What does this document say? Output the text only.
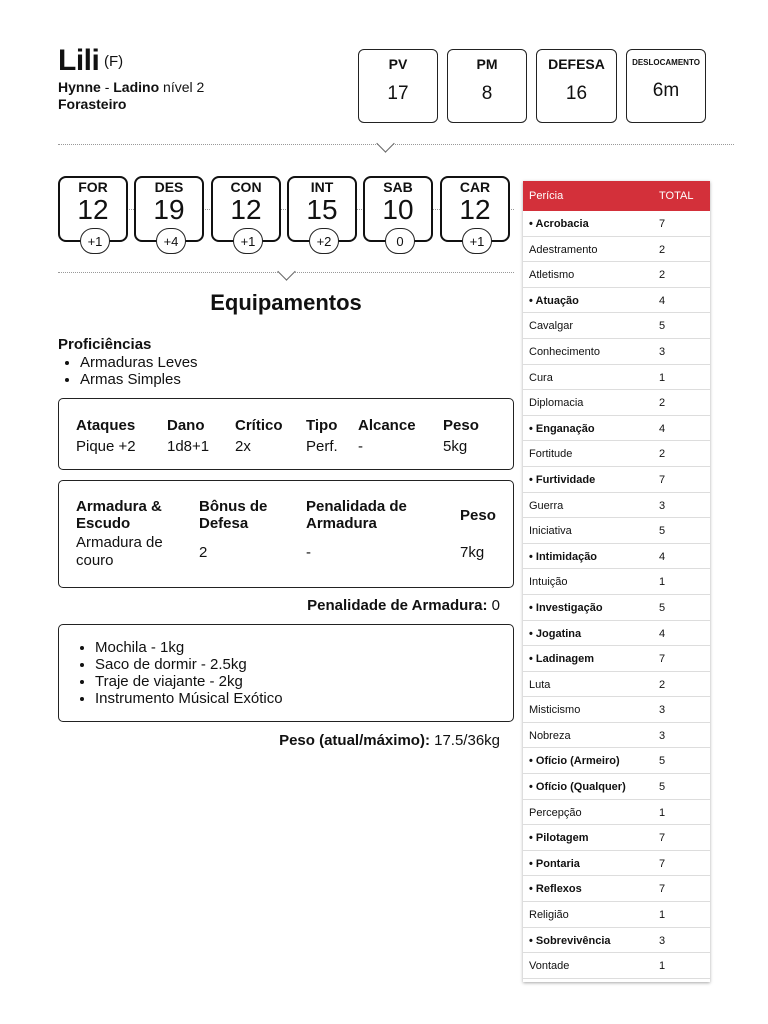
Lili (F)
Hynne - Ladino nível 2
Forasteiro
PV
17
PM
8
DEFESA
16
DESLOCAMENTO
6m
FOR
12
DES
19
CON
12
INT
15
SAB
10
CAR
12
+1	+4	+1	+2	0	+1
Equipamentos
Proficiências
• Armaduras Leves
• Armas Simples
Ataques	Dano	Crítico	Tipo	Alcance	Peso
Pique +2	1d8+1	2x	Perf.	-	5kg
Armadura & Escudo	Bônus de Defesa	Penalidada de Armadura	Peso
Armadura de couro	2	-	7kg
Penalidade de Armadura: 0
• Mochila - 1kg
• Saco de dormir - 2.5kg
• Traje de viajante - 2kg
• Instrumento Músical Exótico
Peso (atual/máximo): 17.5/36kg
Perícia	TOTAL
• Acrobacia	7
Adestramento	2
Atletismo	2
• Atuação	4
Cavalgar	5
Conhecimento	3
Cura	1
Diplomacia	2
• Enganação	4
Fortitude	2
• Furtividade	7
Guerra	3
Iniciativa	5
• Intimidação	4
Intuição	1
• Investigação	5
• Jogatina	4
• Ladinagem	7
Luta	2
Misticismo	3
Nobreza	3
• Ofício (Armeiro)	5
• Ofício (Qualquer)	5
Percepção	1
• Pilotagem	7
• Pontaria	7
• Reflexos	7
Religião	1
• Sobrevivência	3
Vontade	1
